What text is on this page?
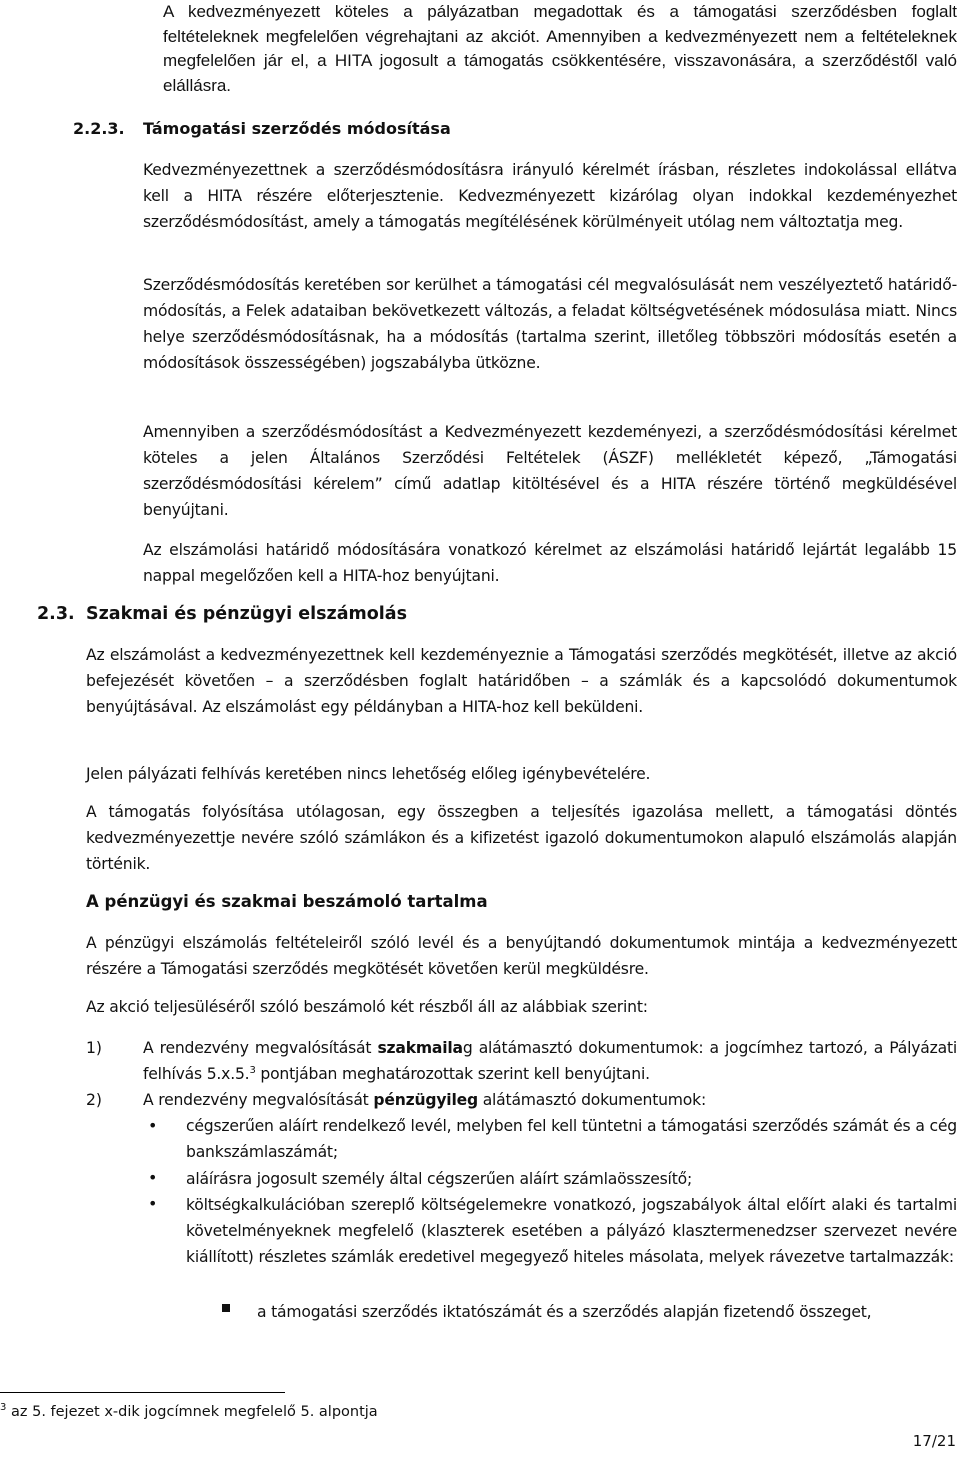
A kedvezményezett köteles a pályázatban megadottak és a támogatási szerződésben foglalt feltételeknek megfelelően végrehajtani az akciót. Amennyiben a kedvezményezett nem a feltételeknek megfelelően jár el, a HITA jogosult a támogatás csökkentésére, visszavonására, a szerződéstől való elállásra.

2.2.3. Támogatási szerződés módosítása

Kedvezményezettnek a szerződésmódosításra irányuló kérelmét írásban, részletes indokolással ellátva kell a HITA részére előterjesztenie. Kedvezményezett kizárólag olyan indokkal kezdeményezhet szerződésmódosítást, amely a támogatás megítélésének körülményeit utólag nem változtatja meg.

Szerződésmódosítás keretében sor kerülhet a támogatási cél megvalósulását nem veszélyeztető határidő-módosítás, a Felek adataiban bekövetkezett változás, a feladat költségvetésének módosulása miatt. Nincs helye szerződésmódosításnak, ha a módosítás (tartalma szerint, illetőleg többszöri módosítás esetén a módosítások összességében) jogszabályba ütközne.

Amennyiben a szerződésmódosítást a Kedvezményezett kezdeményezi, a szerződésmódosítási kérelmet köteles a jelen Általános Szerződési Feltételek (ÁSZF) mellékletét képező, „Támogatási szerződésmódosítási kérelem” című adatlap kitöltésével és a HITA részére történő megküldésével benyújtani.

Az elszámolási határidő módosítására vonatkozó kérelmet az elszámolási határidő lejártát legalább 15 nappal megelőzően kell a HITA-hoz benyújtani.

2.3. Szakmai és pénzügyi elszámolás

Az elszámolást a kedvezményezettnek kell kezdeményeznie a Támogatási szerződés megkötését, illetve az akció befejezését követően – a szerződésben foglalt határidőben – a számlák és a kapcsolódó dokumentumok benyújtásával. Az elszámolást egy példányban a HITA-hoz kell beküldeni.

Jelen pályázati felhívás keretében nincs lehetőség előleg igénybevételére.

A támogatás folyósítása utólagosan, egy összegben a teljesítés igazolása mellett, a támogatási döntés kedvezményezettje nevére szóló számlákon és a kifizetést igazoló dokumentumokon alapuló elszámolás alapján történik.

A pénzügyi és szakmai beszámoló tartalma

A pénzügyi elszámolás feltételeiről szóló levél és a benyújtandó dokumentumok mintája a kedvezményezett részére a Támogatási szerződés megkötését követően kerül megküldésre.

Az akció teljesüléséről szóló beszámoló két részből áll az alábbiak szerint:

1)	A rendezvény megvalósítását szakmailag alátámasztó dokumentumok: a jogcímhez tartozó, a Pályázati felhívás 5.x.5.$^3$ pontjában meghatározottak szerint kell benyújtani.

2)	A rendezvény megvalósítását pénzügyileg alátámasztó dokumentumok:

• cégszerűen aláírt rendelkező levél, melyben fel kell tüntetni a támogatási szerződés számát és a cég bankszámlaszámát;

• aláírásra jogosult személy által cégszerűen aláírt számlaösszesítő;

• költségkalkulációban szereplő költségelemekre vonatkozó, jogszabályok által előírt alaki és tartalmi követelményeknek megfelelő (klaszterek esetében a pályázó klasztermenedzser szervezet nevére kiállított) részletes számlák eredetivel megegyező hiteles másolata, melyek rávezetve tartalmazzák:

a támogatási szerződés iktatószámát és a szerződés alapján fizetendő összeget,

$^3$ az 5. fejezet x-dik jogcímnek megfelelő 5. alpontja
17/21
